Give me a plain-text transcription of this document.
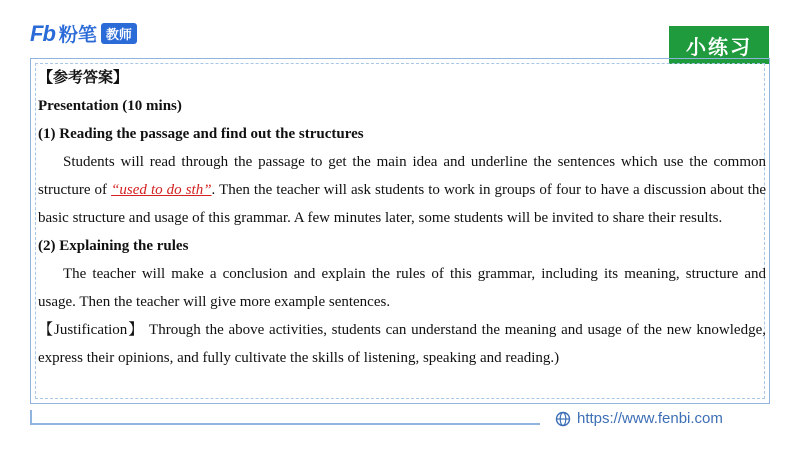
Fb 粉笔 教师	小练习

【参考答案】

Presentation (10 mins)

(1) Reading the passage and find out the structures

Students will read through the passage to get the main idea and underline the sentences which use the common structure of “used to do sth”. Then the teacher will ask students to work in groups of four to have a discussion about the basic structure and usage of this grammar. A few minutes later, some students will be invited to share their results.

(2) Explaining the rules

The teacher will make a conclusion and explain the rules of this grammar, including its meaning, structure and usage. Then the teacher will give more example sentences.

【Justification】 Through the above activities, students can understand the meaning and usage of the new knowledge, express their opinions, and fully cultivate the skills of listening, speaking and reading.)

https://www.fenbi.com
